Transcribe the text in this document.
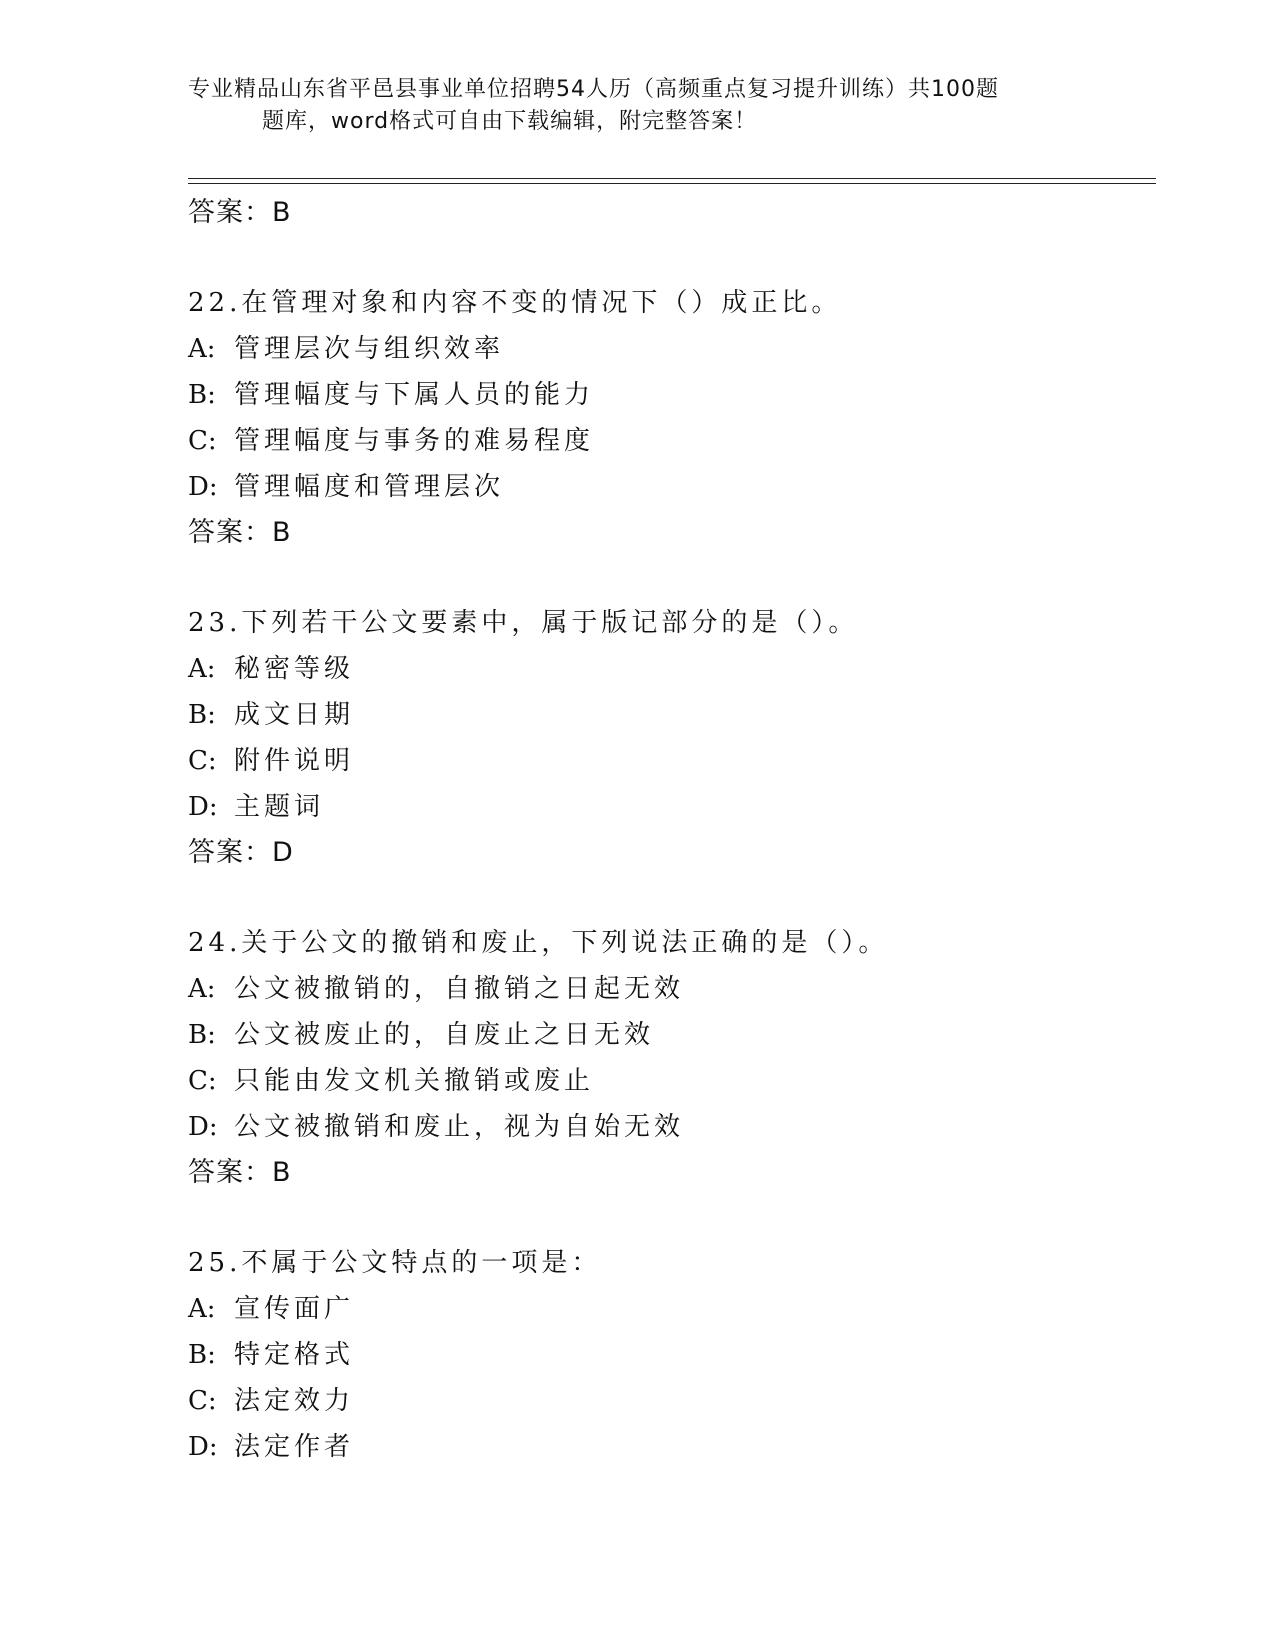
专业精品山东省平邑县事业单位招聘54人历（高频重点复习提升训练）共100题
题库，word格式可自由下载编辑，附完整答案！
答案：B
22.在管理对象和内容不变的情况下（）成正比。
A: 管理层次与组织效率
B: 管理幅度与下属人员的能力
C: 管理幅度与事务的难易程度
D: 管理幅度和管理层次
答案：B
23.下列若干公文要素中，属于版记部分的是（）。
A: 秘密等级
B: 成文日期
C: 附件说明
D: 主题词
答案：D
24.关于公文的撤销和废止，下列说法正确的是（）。
A: 公文被撤销的，自撤销之日起无效
B: 公文被废止的，自废止之日无效
C: 只能由发文机关撤销或废止
D: 公文被撤销和废止，视为自始无效
答案：B
25.不属于公文特点的一项是：
A: 宣传面广
B: 特定格式
C: 法定效力
D: 法定作者
